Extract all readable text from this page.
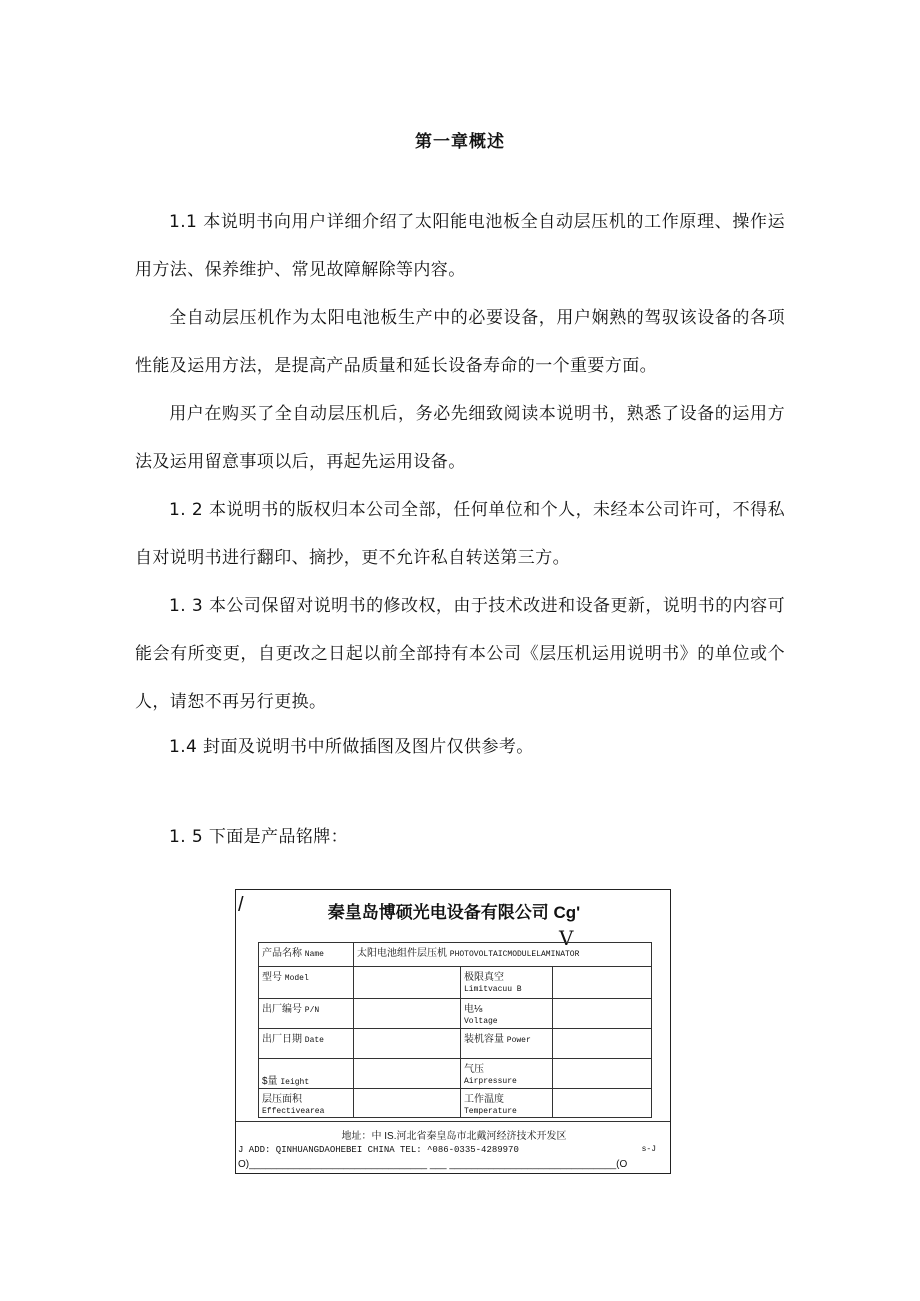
第一章概述
1.1 本说明书向用户详细介绍了太阳能电池板全自动层压机的工作原理、操作运用方法、保养维护、常见故障解除等内容。
全自动层压机作为太阳电池板生产中的必要设备，用户娴熟的驾驭该设备的各项性能及运用方法，是提高产品质量和延长设备寿命的一个重要方面。
用户在购买了全自动层压机后，务必先细致阅读本说明书，熟悉了设备的运用方法及运用留意事项以后，再起先运用设备。
1. 2 本说明书的版权归本公司全部，任何单位和个人，未经本公司许可，不得私自对说明书进行翻印、摘抄，更不允许私自转送第三方。
1. 3 本公司保留对说明书的修改权，由于技术改进和设备更新，说明书的内容可能会有所变更，自更改之日起以前全部持有本公司《层压机运用说明书》的单位或个人，请恕不再另行更换。
1.4 封面及说明书中所做插图及图片仅供参考。
1. 5 下面是产品铭牌：
/	秦皇岛博硕光电设备有限公司 Cg'
V
产品名称 Name	太阳电池组件层压机 PHOTOVOLTAICMODULELAMINATOR		
型号 Model		极限真空
Limitvacuu B	
出厂编号 P/N		电⅛
Voltage	
出厂日期 Date		装机容量 Power	
$量 Ieight		气压
Airpressure	
层压面积
Effectivearea		工作温度
Temperature	
地址：中 IS.河北省秦皇岛市北戴河经济技术开发区
J ADD: QINHUANGDAOHEBEI CHINA TEL: ^086-0335-4289970
O)________________________________ ___ ______________________________(O
s-J
